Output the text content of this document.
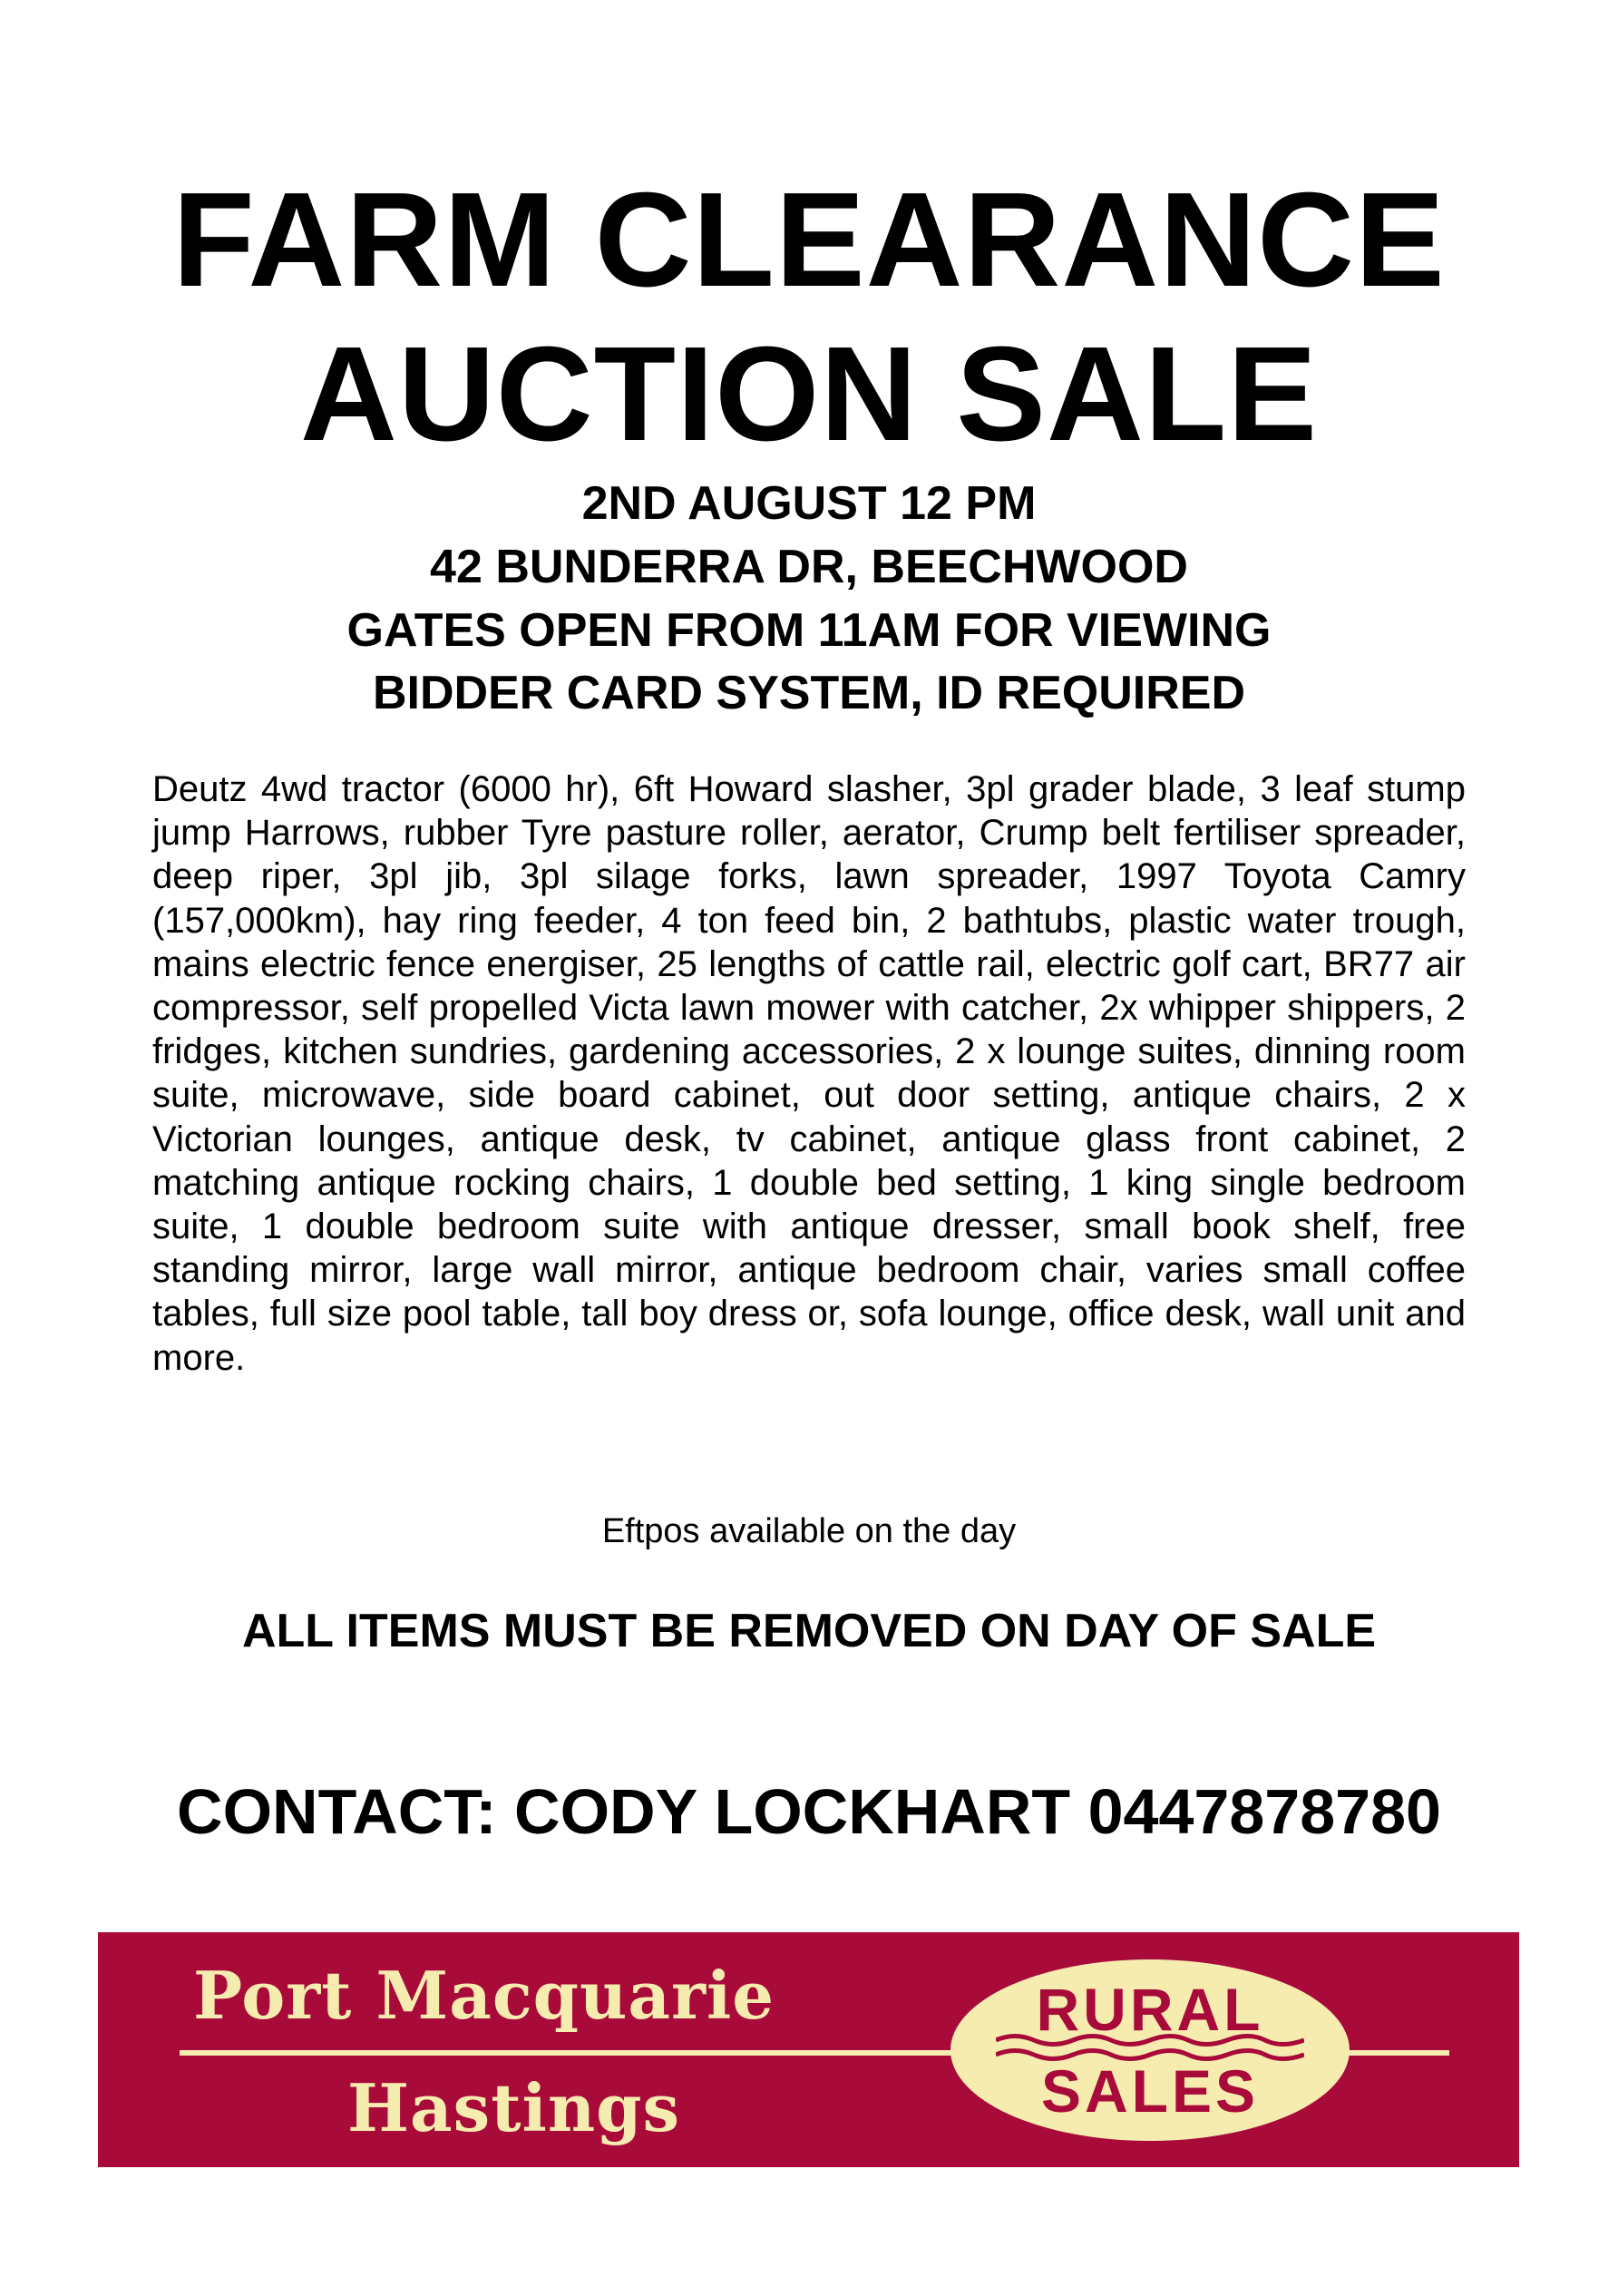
FARM CLEARANCE
AUCTION SALE
2ND AUGUST 12 PM
42 BUNDERRA DR, BEECHWOOD
GATES OPEN FROM 11AM FOR VIEWING
BIDDER CARD SYSTEM, ID REQUIRED
Deutz 4wd tractor (6000 hr), 6ft Howard slasher, 3pl grader blade, 3 leaf stump jump Harrows, rubber Tyre pasture roller, aerator, Crump belt fertiliser spreader, deep riper, 3pl jib, 3pl silage forks, lawn spreader, 1997 Toyota Camry (157,000km), hay ring feeder, 4 ton feed bin, 2 bathtubs, plastic water trough, mains electric fence energiser, 25 lengths of cattle rail, electric golf cart, BR77 air compressor, self propelled Victa lawn mower with catcher, 2x whipper shippers, 2 fridges, kitchen sundries, gardening accessories, 2 x lounge suites, dinning room suite, microwave, side board cabinet, out door setting, antique chairs, 2 x Victorian lounges, antique desk, tv cabinet, antique glass front cabinet, 2 matching antique rocking chairs, 1 double bed setting, 1 king single bedroom suite, 1 double bedroom suite with antique dresser, small book shelf, free standing mirror, large wall mirror, antique bedroom chair, varies small coffee tables, full size pool table, tall boy dress or, sofa lounge, office desk, wall unit and more.
Eftpos available on the day
ALL ITEMS MUST BE REMOVED ON DAY OF SALE
CONTACT: CODY LOCKHART 0447878780
Port Macquarie
Hastings
RURAL
SALES
